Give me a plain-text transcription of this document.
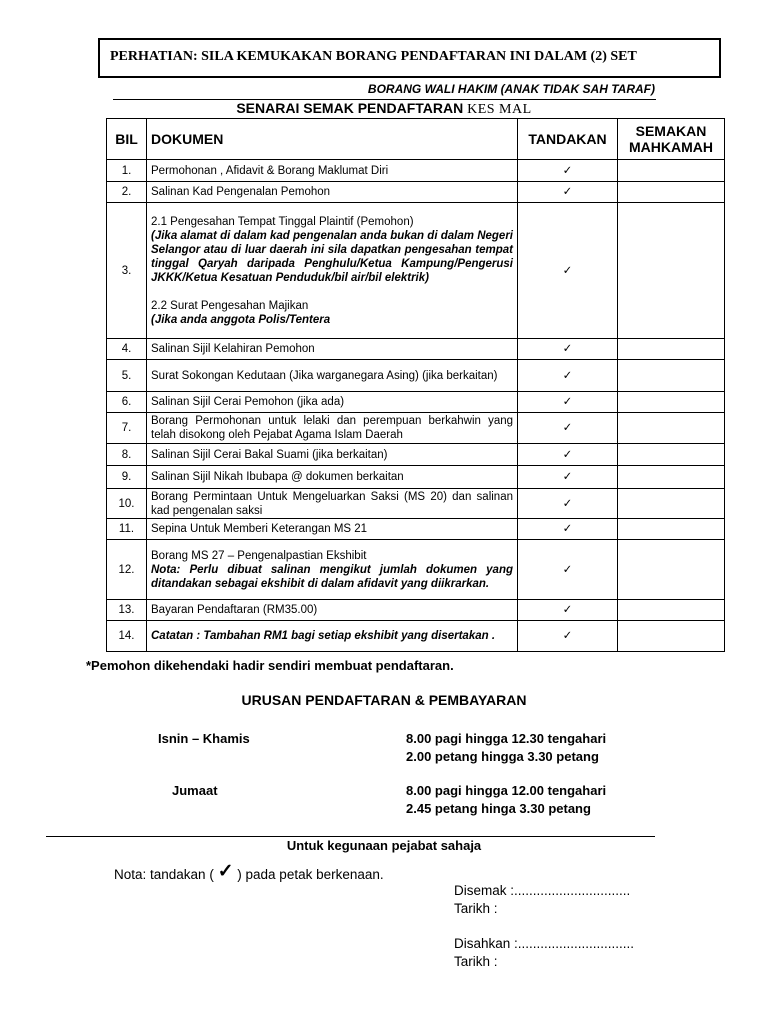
PERHATIAN: SILA KEMUKAKAN BORANG PENDAFTARAN INI DALAM (2) SET
BORANG WALI HAKIM (ANAK TIDAK SAH TARAF)
SENARAI SEMAK PENDAFTARAN KES MAL
BIL	DOKUMEN	TANDAKAN	SEMAKAN MAHKAMAH
1.	Permohonan , Afidavit & Borang Maklumat Diri	✓	
2.	Salinan Kad Pengenalan Pemohon	✓	
3.	2.1 Pengesahan Tempat Tinggal Plaintif (Pemohon)
(Jika alamat di dalam kad pengenalan anda bukan di dalam Negeri Selangor atau di luar daerah ini sila dapatkan pengesahan tempat tinggal Qaryah daripada Penghulu/Ketua Kampung/Pengerusi JKKK/Ketua Kesatuan Penduduk/bil air/bil elektrik)
2.2 Surat Pengesahan Majikan
(Jika anda anggota Polis/Tentera	✓	
4.	Salinan Sijil Kelahiran Pemohon	✓	
5.	Surat Sokongan Kedutaan (Jika warganegara Asing) (jika berkaitan)	✓	
6.	Salinan Sijil Cerai Pemohon (jika ada)	✓	
7.	Borang Permohonan untuk lelaki dan perempuan berkahwin yang telah disokong oleh Pejabat Agama Islam Daerah	✓	
8.	Salinan Sijil Cerai Bakal Suami (jika berkaitan)	✓	
9.	Salinan Sijil Nikah Ibubapa @ dokumen berkaitan	✓	
10.	Borang Permintaan Untuk Mengeluarkan Saksi (MS 20) dan salinan kad pengenalan saksi	✓	
11.	Sepina Untuk Memberi Keterangan MS 21	✓	
12.	Borang MS 27 – Pengenalpastian Ekshibit
Nota: Perlu dibuat salinan mengikut jumlah dokumen yang ditandakan sebagai ekshibit di dalam afidavit yang diikrarkan.	✓	
13.	Bayaran Pendaftaran (RM35.00)	✓	
14.	Catatan : Tambahan RM1 bagi setiap ekshibit yang disertakan .	✓	
*Pemohon dikehendaki hadir sendiri membuat pendaftaran.
URUSAN PENDAFTARAN & PEMBAYARAN
Isnin – Khamis	8.00 pagi hingga 12.30 tengahari
2.00 petang hingga 3.30 petang
Jumaat	8.00 pagi hingga 12.00 tengahari
2.45 petang hinga 3.30 petang
Untuk kegunaan pejabat sahaja
Nota: tandakan ( ✓ ) pada petak berkenaan.
Disemak :...............................
Tarikh :
Disahkan :...............................
Tarikh :
